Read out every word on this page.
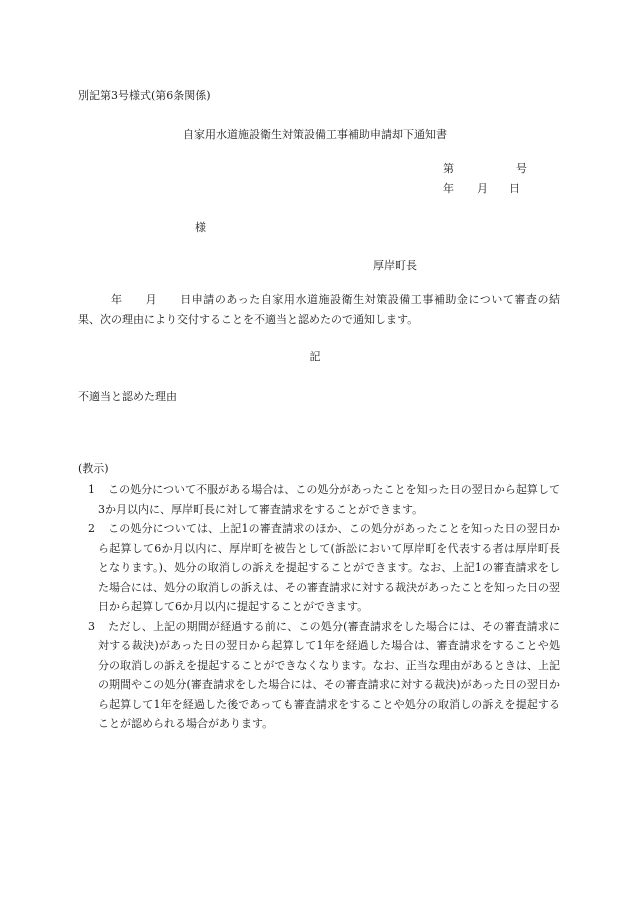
別記第3号様式(第6条関係)
自家用水道施設衛生対策設備工事補助申請却下通知書
第	号
年 月 日
様
厚岸町長
年　　月　　日申請のあった自家用水道施設衛生対策設備工事補助金について審査の結果、次の理由により交付することを不適当と認めたので通知します。
記
不適当と認めた理由
(教示)
1 この処分について不服がある場合は、この処分があったことを知った日の翌日から起算して3か月以内に、厚岸町長に対して審査請求をすることができます。
2 この処分については、上記1の審査請求のほか、この処分があったことを知った日の翌日から起算して6か月以内に、厚岸町を被告として(訴訟において厚岸町を代表する者は厚岸町長となります。)、処分の取消しの訴えを提起することができます。なお、上記1の審査請求をした場合には、処分の取消しの訴えは、その審査請求に対する裁決があったことを知った日の翌日から起算して6か月以内に提起することができます。
3 ただし、上記の期間が経過する前に、この処分(審査請求をした場合には、その審査請求に対する裁決)があった日の翌日から起算して1年を経過した場合は、審査請求をすることや処分の取消しの訴えを提起することができなくなります。なお、正当な理由があるときは、上記の期間やこの処分(審査請求をした場合には、その審査請求に対する裁決)があった日の翌日から起算して1年を経過した後であっても審査請求をすることや処分の取消しの訴えを提起することが認められる場合があります。
